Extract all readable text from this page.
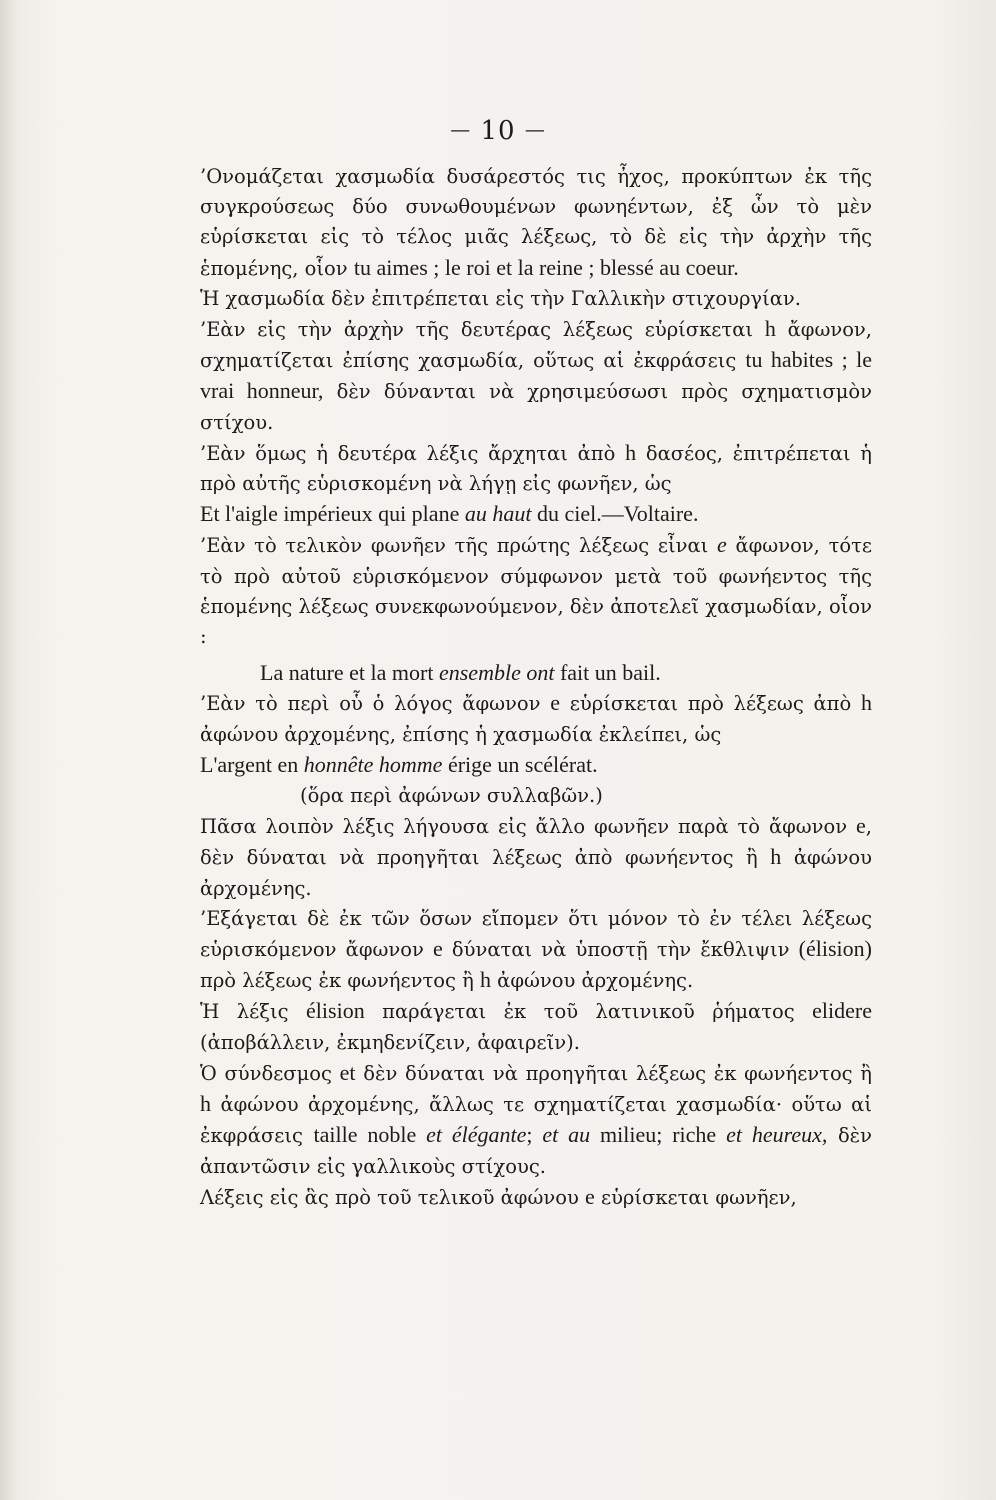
— 10 —

’Ονομάζεται χασμωδία δυσάρεστός τις ἦχος, προκύπτων ἐκ τῆς συγκρούσεως δύο συνωθουμένων φωνηέντων, ἐξ ὧν τὸ μὲν εὑρίσκεται εἰς τὸ τέλος μιᾶς λέξεως, τὸ δὲ εἰς τὴν ἀρχὴν τῆς ἑπομένης, οἷον tu aimes ; le roi et la reine ; blessé au coeur.

Ἡ χασμωδία δὲν ἐπιτρέπεται εἰς τὴν Γαλλικὴν στιχουργίαν.

’Εὰν εἰς τὴν ἀρχὴν τῆς δευτέρας λέξεως εὑρίσκεται h ἄφωνον, σχηματίζεται ἐπίσης χασμωδία, οὕτως αἱ ἐκφράσεις tu habites ; le vrai honneur, δὲν δύνανται νὰ χρησιμεύσωσι πρὸς σχηματισμὸν στίχου.

’Εὰν ὅμως ἡ δευτέρα λέξις ἄρχηται ἀπὸ h δασέος, ἐπιτρέπεται ἡ πρὸ αὐτῆς εὑρισκομένη νὰ λήγῃ εἰς φωνῆεν, ὡς

Et l'aigle impérieux qui plane au haut du ciel.—Voltaire.

’Εὰν τὸ τελικὸν φωνῆεν τῆς πρώτης λέξεως εἶναι e ἄφωνον, τότε τὸ πρὸ αὐτοῦ εὑρισκόμενον σύμφωνον μετὰ τοῦ φωνήεντος τῆς ἑπομένης λέξεως συνεκφωνούμενον, δὲν ἀποτελεῖ χασμωδίαν, οἷον :

La nature et la mort ensemble ont fait un bail.

’Εὰν τὸ περὶ οὗ ὁ λόγος ἄφωνον e εὑρίσκεται πρὸ λέξεως ἀπὸ h ἀφώνου ἀρχομένης, ἐπίσης ἡ χασμωδία ἐκλείπει, ὡς

L'argent en honnête homme érige un scélérat.

(ὅρα περὶ ἀφώνων συλλαβῶν.)

Πᾶσα λοιπὸν λέξις λήγουσα εἰς ἄλλο φωνῆεν παρὰ τὸ ἄφωνον e, δὲν δύναται νὰ προηγῆται λέξεως ἀπὸ φωνήεντος ἢ h ἀφώνου ἀρχομένης.

’Εξάγεται δὲ ἐκ τῶν ὅσων εἴπομεν ὅτι μόνον τὸ ἐν τέλει λέξεως εὑρισκόμενον ἄφωνον e δύναται νὰ ὑποστῇ τὴν ἔκθλιψιν (élision) πρὸ λέξεως ἐκ φωνήεντος ἢ h ἀφώνου ἀρχομένης.

Ἡ λέξις élision παράγεται ἐκ τοῦ λατινικοῦ ῥήματος elidere (ἀποβάλλειν, ἐκμηδενίζειν, ἀφαιρεῖν).

Ὁ σύνδεσμος et δὲν δύναται νὰ προηγῆται λέξεως ἐκ φωνήεντος ἢ h ἀφώνου ἀρχομένης, ἄλλως τε σχηματίζεται χασμωδία· οὕτω αἱ ἐκφράσεις taille noble et élégante; et au milieu; riche et heureux, δὲν ἀπαντῶσιν εἰς γαλλικοὺς στίχους.

Λέξεις εἰς ἃς πρὸ τοῦ τελικοῦ ἀφώνου e εὑρίσκεται φωνῆεν,
